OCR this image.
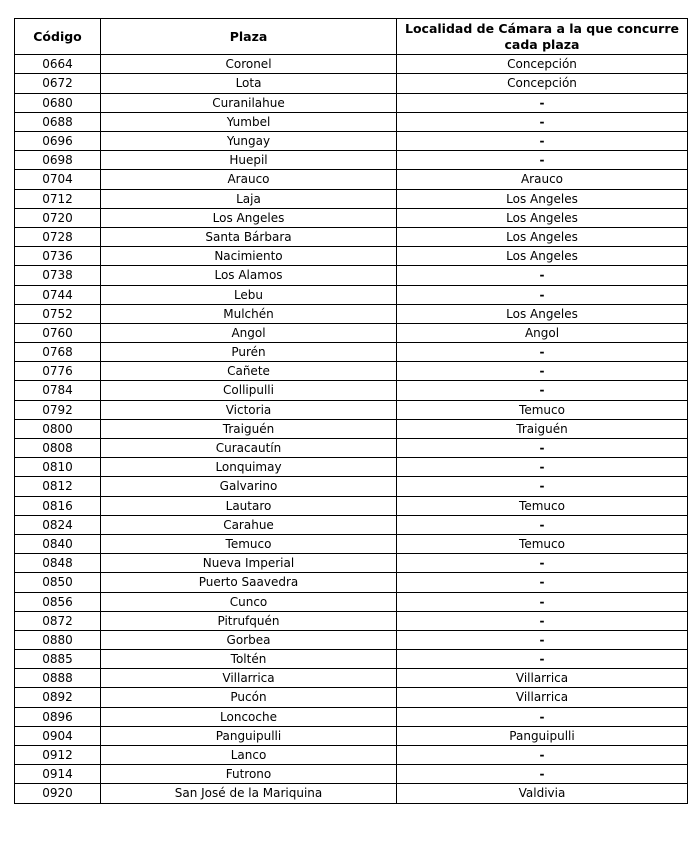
Código	Plaza	Localidad de Cámara a la que concurre cada plaza
0664	Coronel	Concepción
0672	Lota	Concepción
0680	Curanilahue	-
0688	Yumbel	-
0696	Yungay	-
0698	Huepil	-
0704	Arauco	Arauco
0712	Laja	Los Angeles
0720	Los Angeles	Los Angeles
0728	Santa Bárbara	Los Angeles
0736	Nacimiento	Los Angeles
0738	Los Alamos	-
0744	Lebu	-
0752	Mulchén	Los Angeles
0760	Angol	Angol
0768	Purén	-
0776	Cañete	-
0784	Collipulli	-
0792	Victoria	Temuco
0800	Traiguén	Traiguén
0808	Curacautín	-
0810	Lonquimay	-
0812	Galvarino	-
0816	Lautaro	Temuco
0824	Carahue	-
0840	Temuco	Temuco
0848	Nueva Imperial	-
0850	Puerto Saavedra	-
0856	Cunco	-
0872	Pitrufquén	-
0880	Gorbea	-
0885	Toltén	-
0888	Villarrica	Villarrica
0892	Pucón	Villarrica
0896	Loncoche	-
0904	Panguipulli	Panguipulli
0912	Lanco	-
0914	Futrono	-
0920	San José de la Mariquina	Valdivia
